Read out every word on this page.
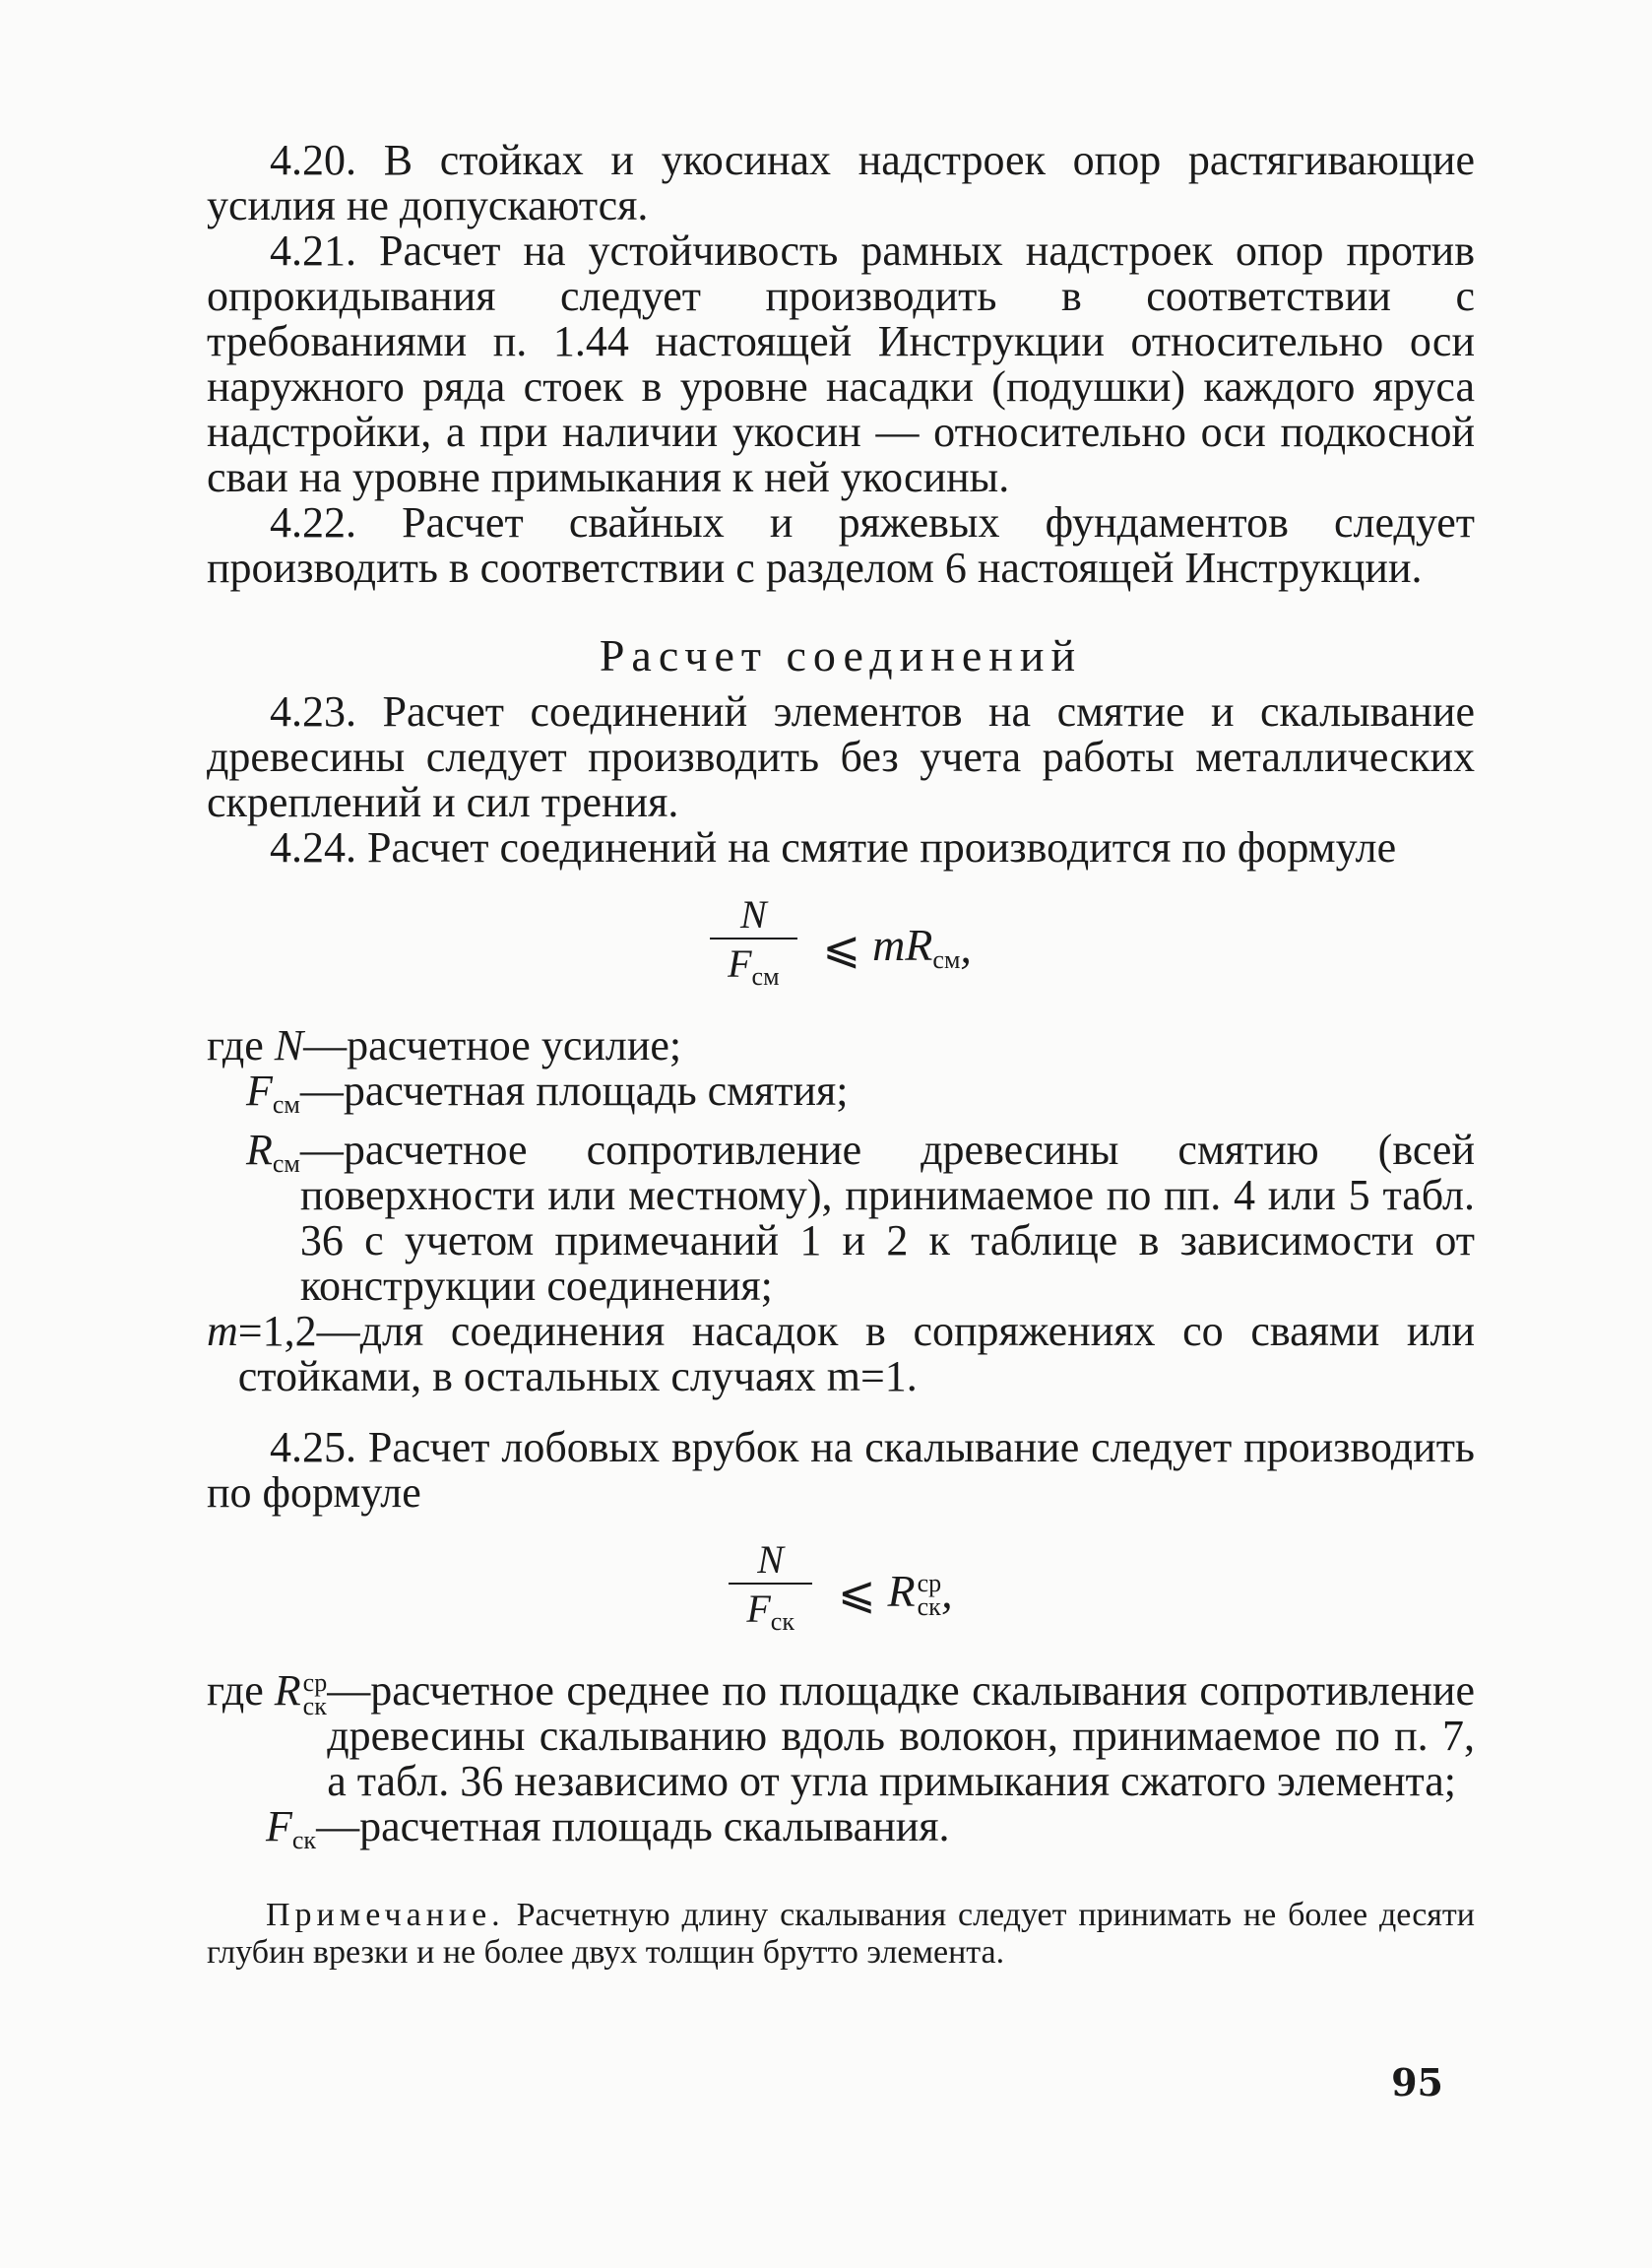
4.20. В стойках и укосинах надстроек опор растягивающие усилия не допускаются.

4.21. Расчет на устойчивость рамных надстроек опор против опрокидывания следует производить в соответствии с требованиями п. 1.44 настоящей Инструкции относительно оси наружного ряда стоек в уровне насадки (подушки) каждого яруса надстройки, а при наличии укосин — относительно оси подкосной сваи на уровне примыкания к ней укосины.

4.22. Расчет свайных и ряжевых фундаментов следует производить в соответствии с разделом 6 настоящей Инструкции.

Расчет соединений

4.23. Расчет соединений элементов на смятие и скалывание древесины следует производить без учета работы металлических скреплений и сил трения.

4.24. Расчет соединений на смятие производится по формуле

$\frac{N}{F_{см}}$ ⩽ $mR_{см}$ ,
где N —расчетное усилие;
$F_{см}$ —расчетная площадь смятия;
$R_{см}$ —расчетное сопротивление древесины смятию (всей поверхности или местному), принимаемое по пп. 4 или 5 табл. 36 с учетом примечаний 1 и 2 к таблице в зависимости от конструкции соединения;
m =1,2—для соединения насадок в сопряжениях со сваями или стойками, в остальных случаях m=1.

4.25. Расчет лобовых врубок на скалывание следует производить по формуле

$\frac{N}{F_{ск}}$ ⩽ R ср
ск ,
где R ср
ск —расчетное среднее по площадке скалывания сопротивление древесины скалыванию вдоль волокон, принимаемое по п. 7, а табл. 36 независимо от угла примыкания сжатого элемента;
$F_{ск}$ —расчетная площадь скалывания.

Примечание. Расчетную длину скалывания следует принимать не более десяти глубин врезки и не более двух толщин брутто элемента.

95
